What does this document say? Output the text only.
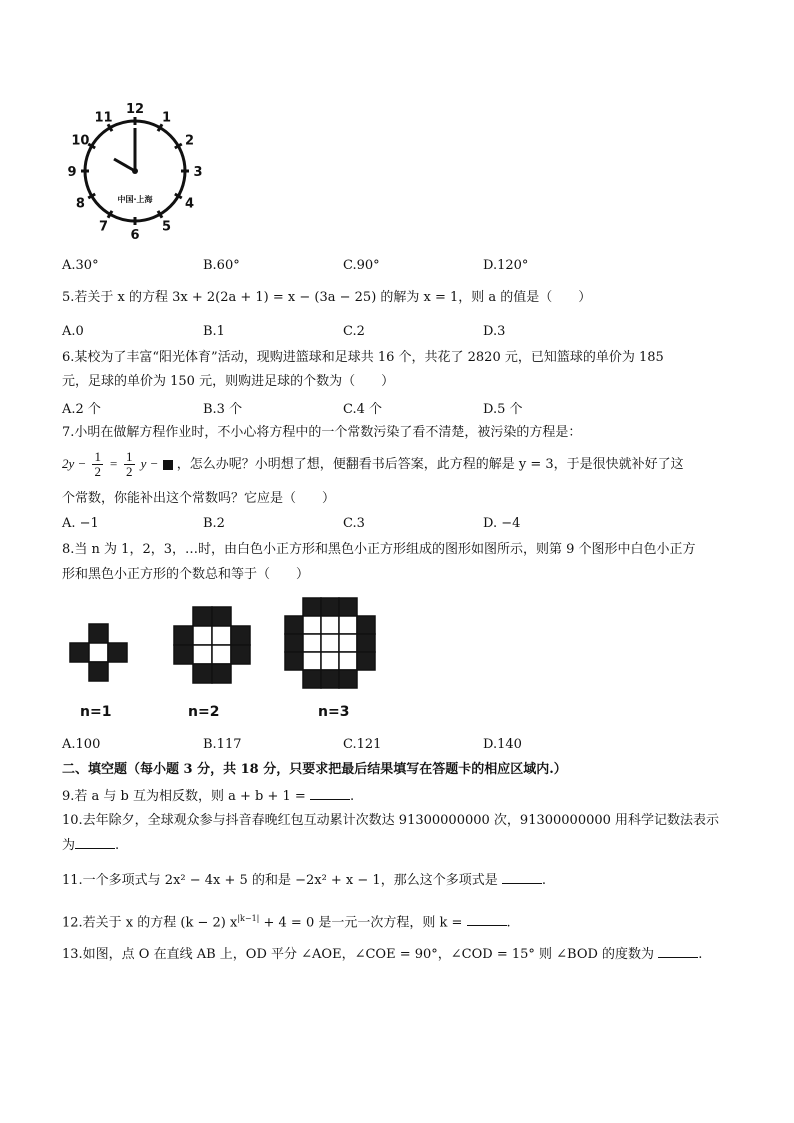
12
1
2
3
4
5
6
7
8
9
10
11
中国·上海
A.30°	B.60°	C.90°	D.120°
5.若关于 x 的方程 3x + 2(2a + 1) = x − (3a − 25) 的解为 x = 1，则 a 的值是（　　）
A.0	B.1	C.2	D.3
6.某校为了丰富“阳光体育”活动，现购进篮球和足球共 16 个，共花了 2820 元，已知篮球的单价为 185
元，足球的单价为 150 元，则购进足球的个数为（　　）
A.2 个	B.3 个	C.4 个	D.5 个
7.小明在做解方程作业时，不小心将方程中的一个常数污染了看不清楚，被污染的方程是：
$2y - \frac{1}{2} = \frac{1}{2}$ y − ，怎么办呢？小明想了想，便翻看书后答案，此方程的解是 y = 3，于是很快就补好了这
个常数，你能补出这个常数吗？它应是（　　）
A. −1	B.2	C.3	D. −4
8.当 n 为 1，2，3，…时，由白色小正方形和黑色小正方形组成的图形如图所示，则第 9 个图形中白色小正方
形和黑色小正方形的个数总和等于（　　）
n=1	n=2	n=3
A.100	B.117	C.121	D.140
二、填空题（每小题 3 分，共 18 分，只要求把最后结果填写在答题卡的相应区域内.）
9.若 a 与 b 互为相反数，则 a + b + 1 =	.
10.去年除夕，全球观众参与抖音春晚红包互动累计次数达 91300000000 次，91300000000 用科学记数法表示
为	.
11.一个多项式与 2x² − 4x + 5 的和是 −2x² + x − 1，那么这个多项式是	.
12.若关于 x 的方程 (k − 2) $x^{|k-1|} + 4 = 0$ 是一元一次方程，则 k =	.
13.如图，点 O 在直线 AB 上，OD 平分 ∠AOE，∠COE = 90°，∠COD = 15° 则 ∠BOD 的度数为	.
